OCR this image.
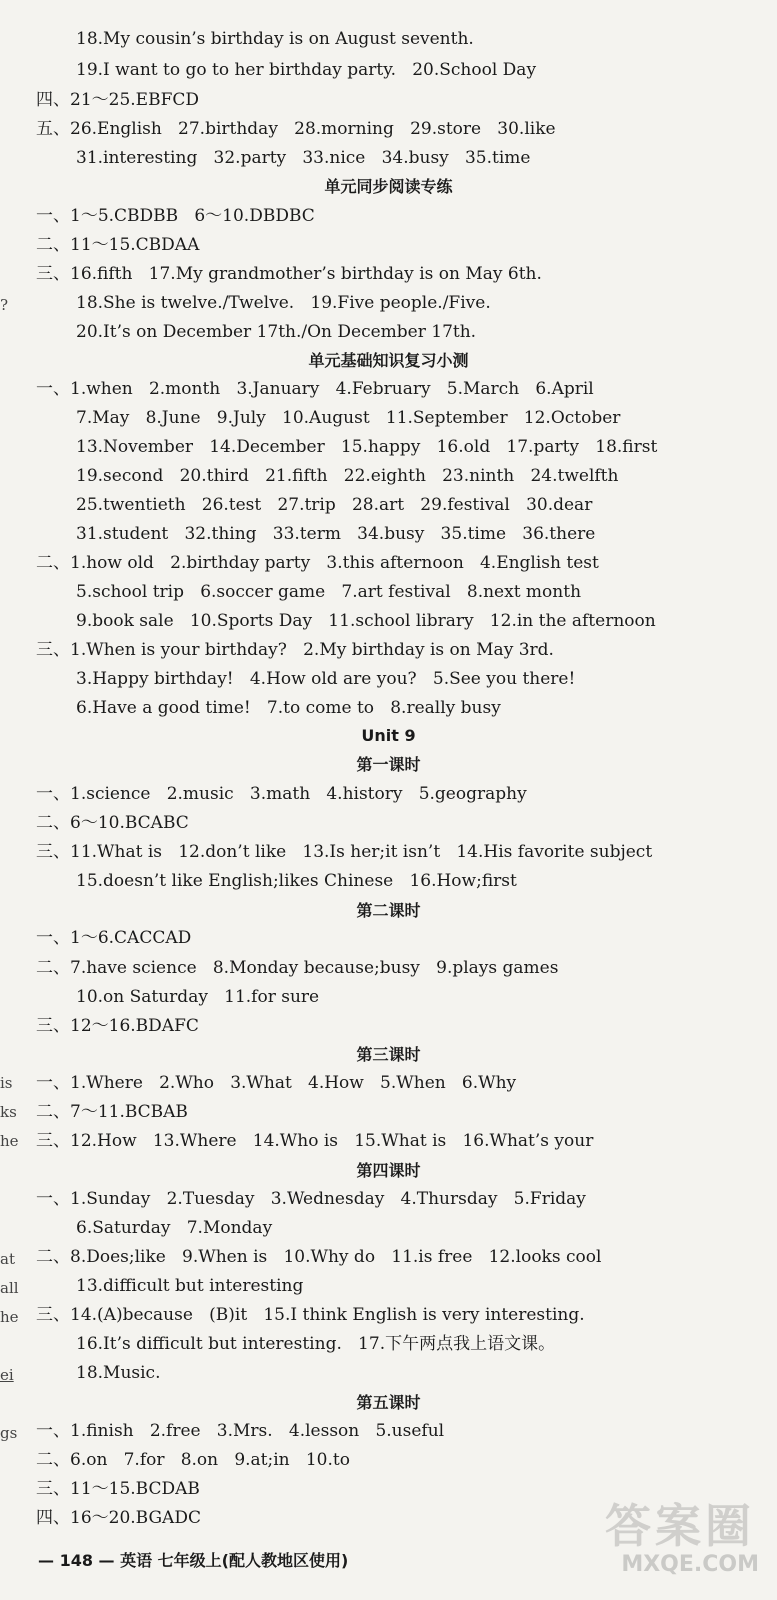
18.My cousin’s birthday is on August seventh.
19.I want to go to her birthday party.   20.School Day
四、21～25.EBFCD
五、26.English   27.birthday   28.morning   29.store   30.like
31.interesting   32.party   33.nice   34.busy   35.time
单元同步阅读专练
一、1～5.CBDBB   6～10.DBDBC
二、11～15.CBDAA
三、16.fifth   17.My grandmother’s birthday is on May 6th.
18.She is twelve./Twelve.   19.Five people./Five.
20.It’s on December 17th./On December 17th.
单元基础知识复习小测
一、1.when   2.month   3.January   4.February   5.March   6.April
7.May   8.June   9.July   10.August   11.September   12.October
13.November   14.December   15.happy   16.old   17.party   18.first
19.second   20.third   21.fifth   22.eighth   23.ninth   24.twelfth
25.twentieth   26.test   27.trip   28.art   29.festival   30.dear
31.student   32.thing   33.term   34.busy   35.time   36.there
二、1.how old   2.birthday party   3.this afternoon   4.English test
5.school trip   6.soccer game   7.art festival   8.next month
9.book sale   10.Sports Day   11.school library   12.in the afternoon
三、1.When is your birthday?   2.My birthday is on May 3rd.
3.Happy birthday!   4.How old are you?   5.See you there!
6.Have a good time!   7.to come to   8.really busy
Unit 9
第一课时
一、1.science   2.music   3.math   4.history   5.geography
二、6～10.BCABC
三、11.What is   12.don’t like   13.Is her;it isn’t   14.His favorite subject
15.doesn’t like English;likes Chinese   16.How;first
第二课时
一、1～6.CACCAD
二、7.have science   8.Monday because;busy   9.plays games
10.on Saturday   11.for sure
三、12～16.BDAFC
第三课时
一、1.Where   2.Who   3.What   4.How   5.When   6.Why
二、7～11.BCBAB
三、12.How   13.Where   14.Who is   15.What is   16.What’s your
第四课时
一、1.Sunday   2.Tuesday   3.Wednesday   4.Thursday   5.Friday
6.Saturday   7.Monday
二、8.Does;like   9.When is   10.Why do   11.is free   12.looks cool
13.difficult but interesting
三、14.(A)because   (B)it   15.I think English is very interesting.
16.It’s difficult but interesting.   17.下午两点我上语文课。
18.Music.
第五课时
一、1.finish   2.free   3.Mrs.   4.lesson   5.useful
二、6.on   7.for   8.on   9.at;in   10.to
三、11～15.BCDAB
四、16～20.BGADC
?
is
ks
he
at
all
he
ei
gs
— 148 — 英语 七年级上(配人教地区使用)
答案圈
MXQE.COM
